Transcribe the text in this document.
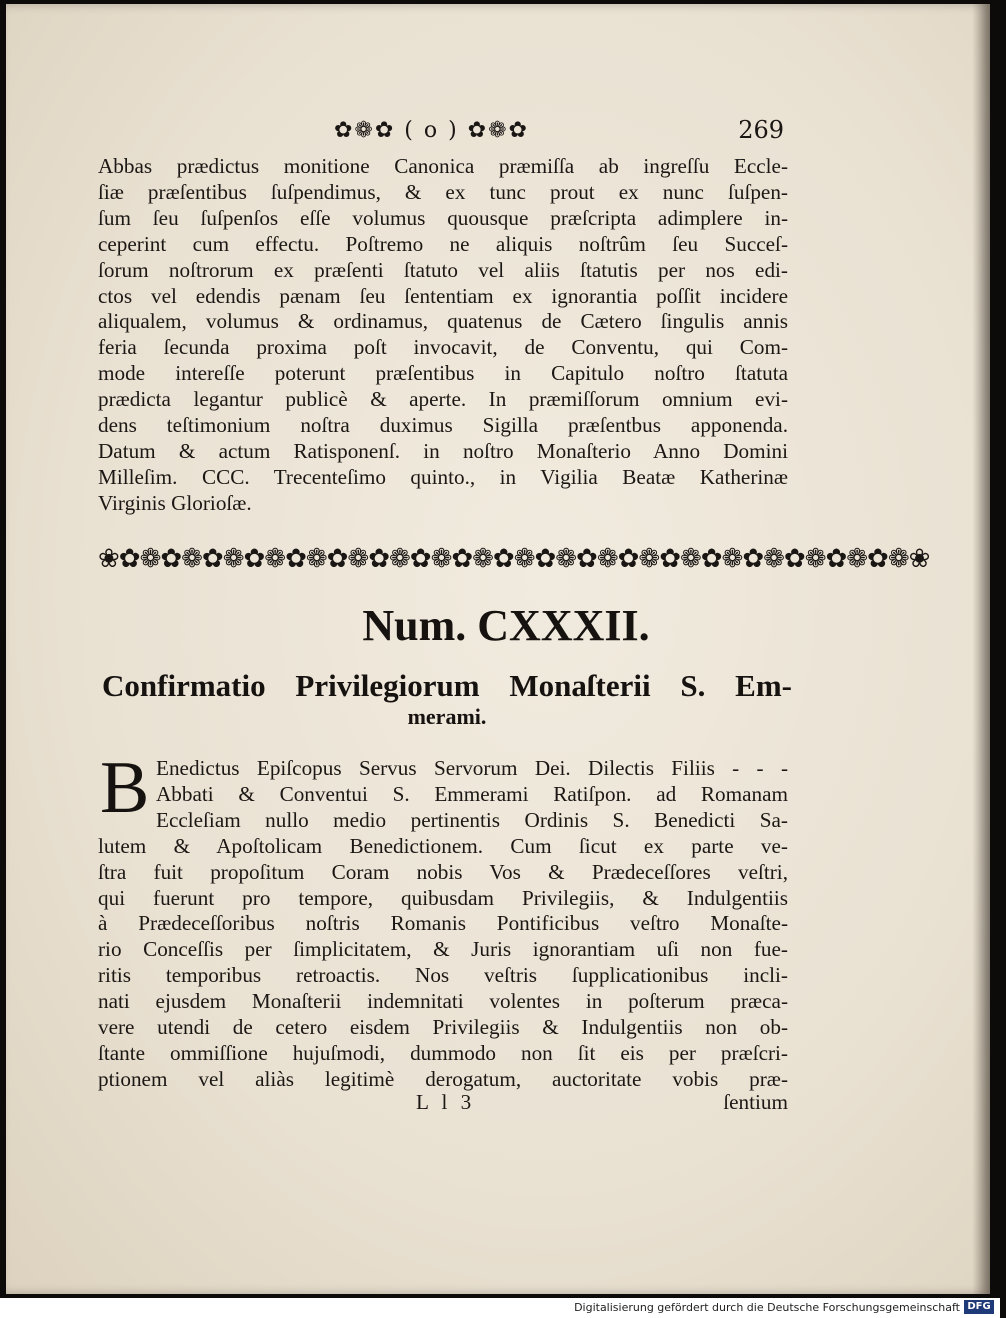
✿❁✿ ( o ) ✿❁✿	269
Abbas prædictus monitione Canonica præmiſſa ab ingreſſu Eccle-
ſiæ præſentibus ſuſpendimus, & ex tunc prout ex nunc ſuſpen-
ſum ſeu ſuſpenſos eſſe volumus quousque præſcripta adimplere in-
ceperint cum effectu. Poſtremo ne aliquis noſtrûm ſeu Succeſ-
ſorum noſtrorum ex præſenti ſtatuto vel aliis ſtatutis per nos edi-
ctos vel edendis pænam ſeu ſententiam ex ignorantia poſſit incidere
aliqualem, volumus & ordinamus, quatenus de Cætero ſingulis annis
feria ſecunda proxima poſt invocavit, de Conventu, qui Com-
mode intereſſe poterunt præſentibus in Capitulo noſtro ſtatuta
prædicta legantur publicè & aperte. In præmiſſorum omnium evi-
dens teſtimonium noſtra duximus Sigilla præſentbus apponenda.
Datum & actum Ratisponenſ. in noſtro Monaſterio Anno Domini
Milleſim. CCC. Trecenteſimo quinto., in Vigilia Beatæ Katherinæ
Virginis Glorioſæ.
❀✿❁✿❁✿❁✿❁✿❁✿❁✿❁✿❁✿❁✿❁✿❁✿❁✿❁✿❁✿❁✿❁✿❁✿❁✿❁❀
Num. CXXXII.
Confirmatio Privilegiorum Monaſterii S. Em-
merami.
B Enedictus Epiſcopus Servus Servorum Dei. Dilectis Filiis - - -
Abbati & Conventui S. Emmerami Ratiſpon. ad Romanam
Eccleſiam nullo medio pertinentis Ordinis S. Benedicti Sa-
lutem & Apoſtolicam Benedictionem. Cum ſicut ex parte ve-
ſtra fuit propoſitum Coram nobis Vos & Prædeceſſores veſtri,
qui fuerunt pro tempore, quibusdam Privilegiis, & Indulgentiis
à Prædeceſſoribus noſtris Romanis Pontificibus veſtro Monaſte-
rio Conceſſis per ſimplicitatem, & Juris ignorantiam uſi non fue-
ritis temporibus retroactis. Nos veſtris ſupplicationibus incli-
nati ejusdem Monaſterii indemnitati volentes in poſterum præca-
vere utendi de cetero eisdem Privilegiis & Indulgentiis non ob-
ſtante ommiſſione hujuſmodi, dummodo non ſit eis per præſcri-
ptionem vel aliàs legitimè derogatum, auctoritate vobis præ-
L l 3	ſentium
Digitalisierung gefördert durch die Deutsche Forschungsgemeinschaft DFG
